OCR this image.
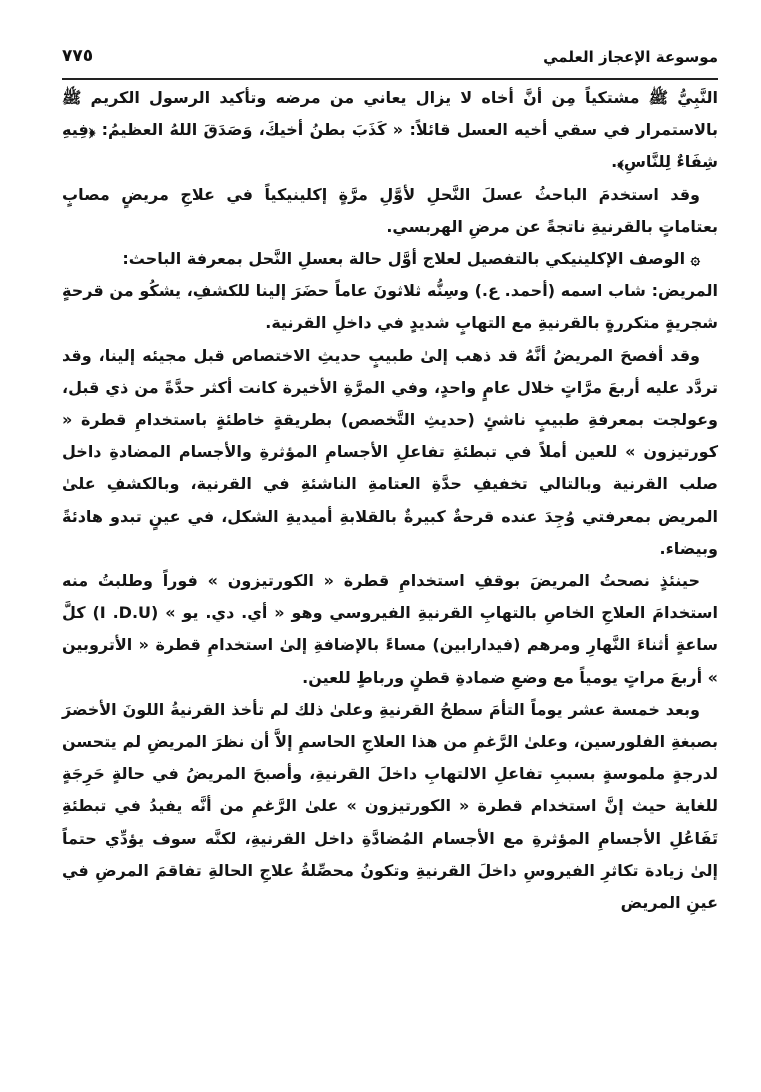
موسوعة الإعجاز العلمي
٧٧٥

النَّبِيُّ ﷺ مشتكياً مِن أنَّ أخاه لا يزال يعاني من مرضه وتأكيد الرسول الكريم ﷺ بالاستمرار في سقي أخيه العسل قائلاً: « كَذَبَ بطنُ أخيكَ، وَصَدَقَ اللهُ العظيمُ: ﴿فِيهِ شِفَاءٌ لِلنَّاسِ﴾.

وقد استخدمَ الباحثُ عسلَ النَّحلِ لأوَّلِ مرَّةٍ إكلينيكياً في علاجِ مريضٍ مصابٍ بعتاماتٍ بالقرنيةِ ناتجةً عن مرضِ الهربسي.

۞ الوصف الإكلينيكي بالتفصيل لعلاج أوَّل حالة بعسلِ النَّحل بمعرفة الباحث:

المريض: شاب اسمه (أحمد. ع.) وسِنُّه ثلاثونَ عاماً حضَرَ إلينا للكشفِ، يشكُو من قرحةٍ شجريةٍ متكررةٍ بالقرنيةِ مع التهابٍ شديدٍ في داخلِ القرنية.

وقد أفصحَ المريضُ أنَّهُ قد ذهب إلىٰ طبيبٍ حديثِ الاختصاص قبل مجيئه إلينا، وقد تردَّد عليه أربعَ مرَّاتٍ خلال عامٍ واحدٍ، وفي المرَّةِ الأخيرة كانت أكثر حدَّةً من ذي قبل، وعولجت بمعرفةِ طبيبٍ ناشئٍ (حديثِ التَّخصص) بطريقةٍ خاطئةٍ باستخدامِ قطرة « كورتيزون » للعين أملاً في تبطئةِ تفاعلِ الأجسامِ المؤثرةِ والأجسام المضادةِ داخل صلب القرنية وبالتالي تخفيفِ حدَّةِ العتامةِ الناشئةِ في القرنية، وبالكشفِ علىٰ المريض بمعرفتي وُجِدَ عنده قرحةٌ كبيرةٌ بالقلابةِ أميديةِ الشكل، في عينٍ تبدو هادئةً وبيضاء.

حينئذٍ نصحتُ المريضَ بوقفِ استخدامِ قطرة « الكورتيزون » فوراً وطلبتُ منه استخدامَ العلاجِ الخاصِ بالتهابِ القرنيةِ الفيروسي وهو « أي. دي. يو » (I .D.U) كلَّ ساعةٍ أثناءَ النَّهارِ ومرهم (فيدارابين) مساءً بالإضافةِ إلىٰ استخدامِ قطرة « الأتروبين » أربعَ مراتٍ يومياً مع وضعِ ضمادةِ قطنٍ ورباطٍ للعين.

وبعد خمسة عشر يوماً التأمَ سطحُ القرنيةِ وعلىٰ ذلك لم تأخذ القرنيةُ اللونَ الأخضرَ بصبغةِ الفلورسين، وعلىٰ الرَّغمِ من هذا العلاجِ الحاسمِ إلاَّ أن نظرَ المريضِ لم يتحسن لدرجةٍ ملموسةٍ بسببِ تفاعلِ الالتهابِ داخلَ القرنيةِ، وأصبحَ المريضُ في حالةٍ حَرِجَةٍ للغاية حيث إنَّ استخدام قطرة « الكورتيزون » علىٰ الرَّغمِ من أنَّه يفيدُ في تبطئةِ تَفَاعُلِ الأجسامِ المؤثرةِ مع الأجسام المُضادَّةِ داخل القرنيةِ، لكنَّه سوف يؤدِّي حتماً إلىٰ زيادة تكاثرِ الفيروسِ داخلَ القرنيةِ وتكونُ محصِّلةُ علاجِ الحالةِ تفاقمَ المرضِ في عينِ المريض
